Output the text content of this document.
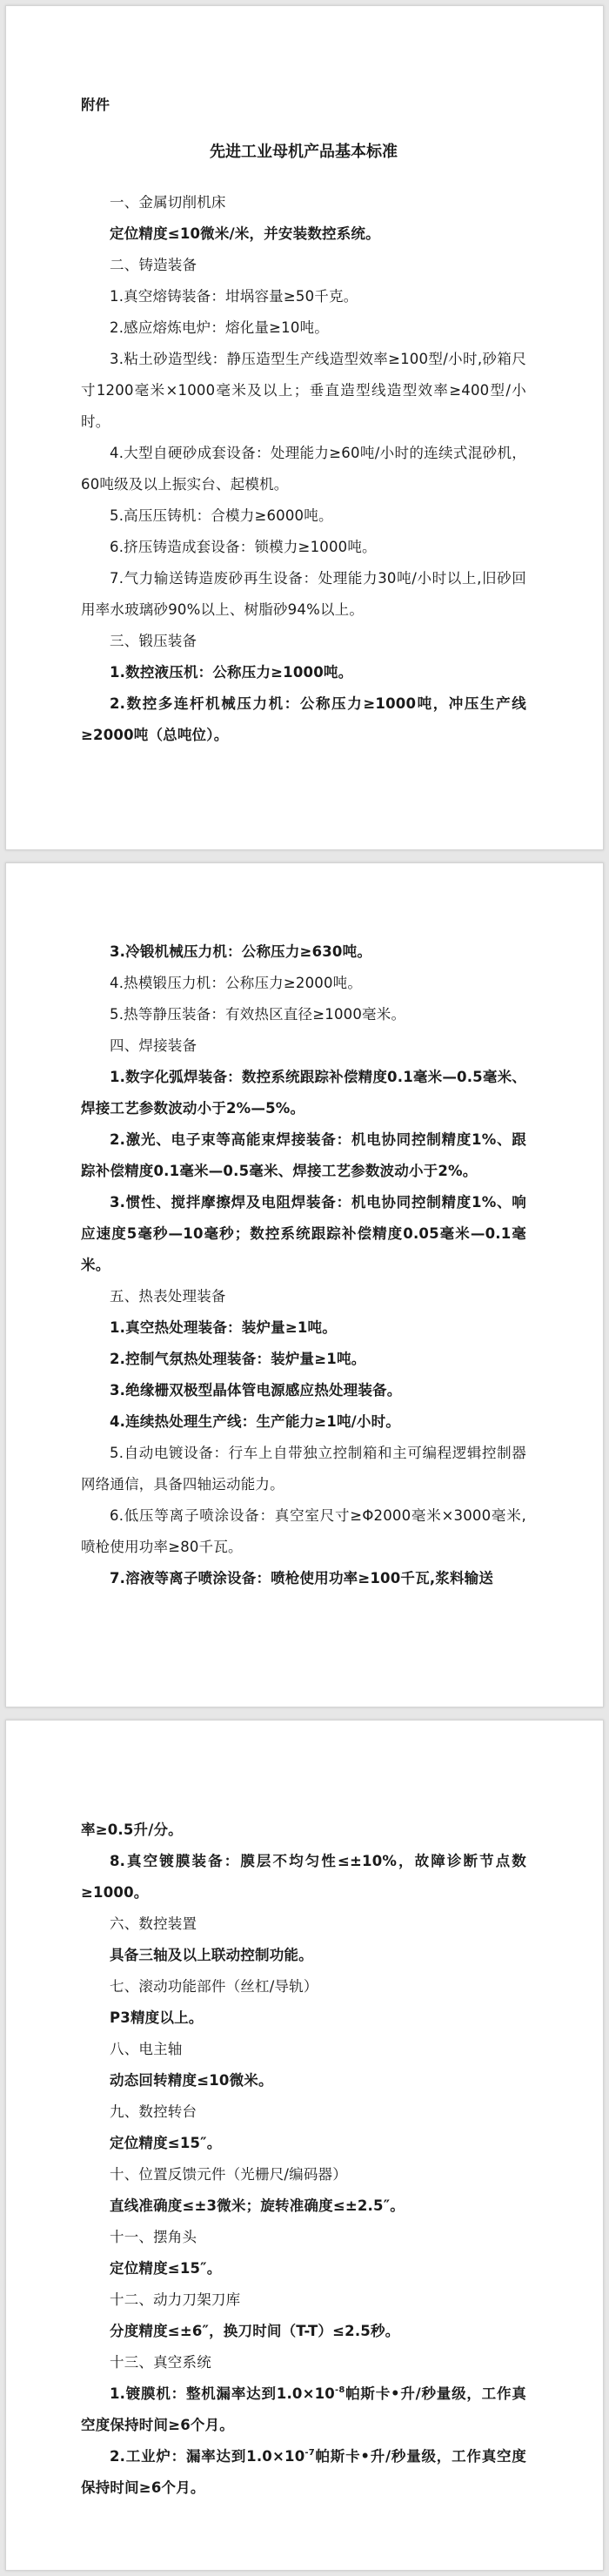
附件

先进工业母机产品基本标准

一、金属切削机床

定位精度≤10微米/米，并安装数控系统。

二、铸造装备

1.真空熔铸装备：坩埚容量≥50千克。

2.感应熔炼电炉：熔化量≥10吨。

3.粘土砂造型线：静压造型生产线造型效率≥100型/小时,砂箱尺寸1200毫米×1000毫米及以上；垂直造型线造型效率≥400型/小时。

4.大型自硬砂成套设备：处理能力≥60吨/小时的连续式混砂机，60吨级及以上振实台、起模机。

5.高压压铸机：合模力≥6000吨。

6.挤压铸造成套设备：锁模力≥1000吨。

7.气力输送铸造废砂再生设备：处理能力30吨/小时以上,旧砂回用率水玻璃砂90%以上、树脂砂94%以上。

三、锻压装备

1.数控液压机：公称压力≥1000吨。

2.数控多连杆机械压力机：公称压力≥1000吨，冲压生产线≥2000吨（总吨位）。

3.冷锻机械压力机：公称压力≥630吨。

4.热模锻压力机：公称压力≥2000吨。

5.热等静压装备：有效热区直径≥1000毫米。

四、焊接装备

1.数字化弧焊装备：数控系统跟踪补偿精度0.1毫米—0.5毫米、焊接工艺参数波动小于2%—5%。

2.激光、电子束等高能束焊接装备：机电协同控制精度1%、跟踪补偿精度0.1毫米—0.5毫米、焊接工艺参数波动小于2%。

3.惯性、搅拌摩擦焊及电阻焊装备：机电协同控制精度1%、响应速度5毫秒—10毫秒；数控系统跟踪补偿精度0.05毫米—0.1毫米。

五、热表处理装备

1.真空热处理装备：装炉量≥1吨。

2.控制气氛热处理装备：装炉量≥1吨。

3.绝缘栅双极型晶体管电源感应热处理装备。

4.连续热处理生产线：生产能力≥1吨/小时。

5.自动电镀设备：行车上自带独立控制箱和主可编程逻辑控制器网络通信，具备四轴运动能力。

6.低压等离子喷涂设备：真空室尺寸≥Φ2000毫米×3000毫米,喷枪使用功率≥80千瓦。

7.溶液等离子喷涂设备：喷枪使用功率≥100千瓦,浆料输送

率≥0.5升/分。

8.真空镀膜装备：膜层不均匀性≤±10%，故障诊断节点数≥1000。

六、数控装置

具备三轴及以上联动控制功能。

七、滚动功能部件（丝杠/导轨）

P3精度以上。

八、电主轴

动态回转精度≤10微米。

九、数控转台

定位精度≤15″。

十、位置反馈元件（光栅尺/编码器）

直线准确度≤±3微米；旋转准确度≤±2.5″。

十一、摆角头

定位精度≤15″。

十二、动力刀架刀库

分度精度≤±6″，换刀时间（T-T）≤2.5秒。

十三、真空系统

1.镀膜机：整机漏率达到$1.0\times 10^{-8}$帕斯卡•升/秒量级，工作真空度保持时间≥6个月。

2.工业炉：漏率达到$1.0\times 10^{-7}$帕斯卡•升/秒量级，工作真空度保持时间≥6个月。
